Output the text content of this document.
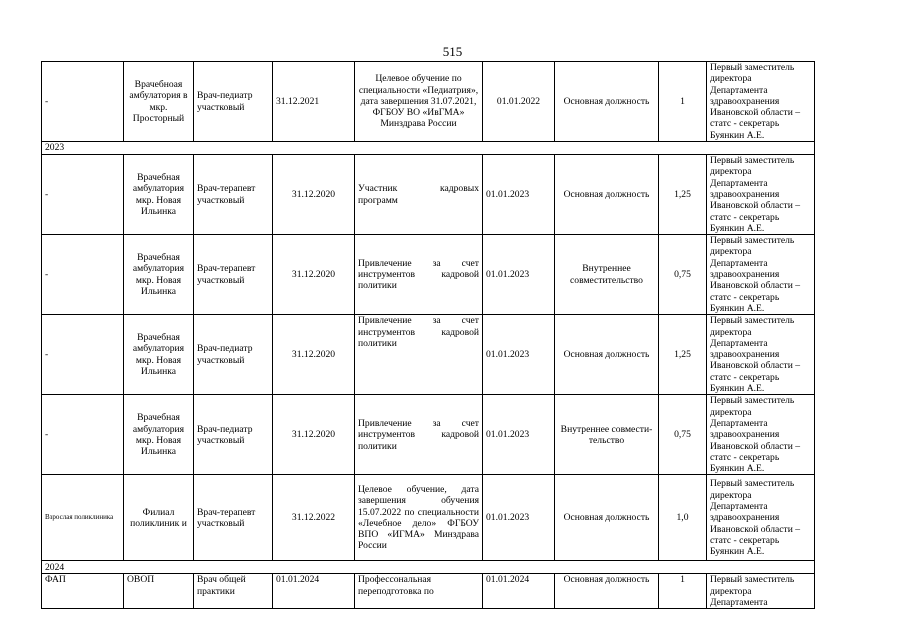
515
-	Врачебноая амбулатория в мкр. Просторный	Врач-педиатр участковый	31.12.2021	Целевое обучение по специальности «Педиатрия», дата завершения 31.07.2021, ФГБОУ ВО «ИвГМА» Минздрава России	01.01.2022	Основная должность	1	Первый заместитель директора Департамента здравоохранения Ивановской области – статс - секретарь Буянкин А.Е.
2023								
-	Врачебная амбулатория мкр. Новая Ильинка	Врач-терапевт участковый	31.12.2020	Участник кадровых программ	01.01.2023	Основная должность	1,25	Первый заместитель директора Департамента здравоохранения Ивановской области – статс - секретарь Буянкин А.Е.
-	Врачебная амбулатория мкр. Новая Ильинка	Врач-терапевт участковый	31.12.2020	Привлечение за счет инструментов кадровой политики	01.01.2023	Внутреннее совместительство	0,75	Первый заместитель директора Департамента здравоохранения Ивановской области – статс - секретарь Буянкин А.Е.
-	Врачебная амбулатория мкр. Новая Ильинка	Врач-педиатр участковый	31.12.2020	Привлечение за счет инструментов кадровой политики	01.01.2023	Основная должность	1,25	Первый заместитель директора Департамента здравоохранения Ивановской области – статс - секретарь Буянкин А.Е.
-	Врачебная амбулатория мкр. Новая Ильинка	Врач-педиатр участковый	31.12.2020	Привлечение за счет инструментов кадровой политики	01.01.2023	Внутреннее совместительство	0,75	Первый заместитель директора Департамента здравоохранения Ивановской области – статс - секретарь Буянкин А.Е.
Взрослая поликлиника	Филиал поликлиник и	Врач-терапевт участковый	31.12.2022	Целевое обучение, дата завершения обучения 15.07.2022 по специальности «Лечебное дело» ФГБОУ ВПО «ИГМА» Минздрава России	01.01.2023	Основная должность	1,0	Первый заместитель директора Департамента здравоохранения Ивановской области – статс - секретарь Буянкин А.Е.
2024								
ФАП	ОВОП	Врач общей практики	01.01.2024	Профессональная переподготовка по	01.01.2024	Основная должность	1	Первый заместитель директора Департамента
